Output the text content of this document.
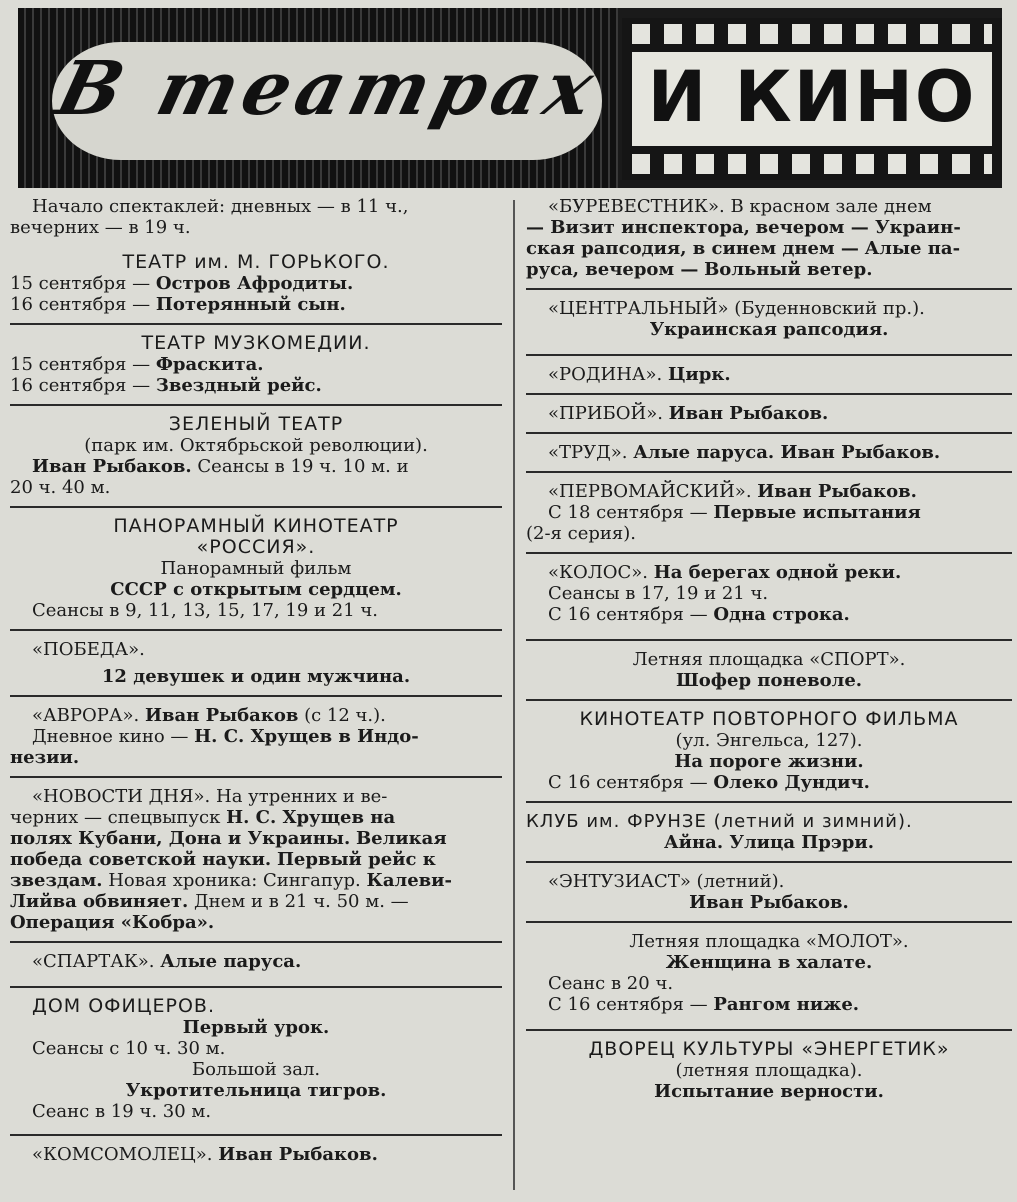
В театрах И КИНО

Начало спектаклей: дневных — в 11 ч.,

вечерних — в 19 ч.

ТЕАТР им. М. ГОРЬКОГО.

15 сентября — Остров Афродиты.

16 сентября — Потерянный сын.

ТЕАТР МУЗКОМЕДИИ.

15 сентября — Фраскита.

16 сентября — Звездный рейс.

ЗЕЛЕНЫЙ ТЕАТР

(парк им. Октябрьской революции).

Иван Рыбаков. Сеансы в 19 ч. 10 м. и

20 ч. 40 м.

ПАНОРАМНЫЙ КИНОТЕАТР

«РОССИЯ».

Панорамный фильм

СССР с открытым сердцем.

Сеансы в 9, 11, 13, 15, 17, 19 и 21 ч.

«ПОБЕДА».

12 девушек и один мужчина.

«АВРОРА». Иван Рыбаков (с 12 ч.).

Дневное кино — Н. С. Хрущев в Индо-

незии.

«НОВОСТИ ДНЯ». На утренних и ве-

черних — спецвыпуск Н. С. Хрущев на

полях Кубани, Дона и Украины. Великая

победа советской науки. Первый рейс к

звездам. Новая хроника: Сингапур. Калеви-

Лийва обвиняет. Днем и в 21 ч. 50 м. —

Операция «Кобра».

«СПАРТАК». Алые паруса.

ДОМ ОФИЦЕРОВ.

Первый урок.

Сеансы с 10 ч. 30 м.

Большой зал.

Укротительница тигров.

Сеанс в 19 ч. 30 м.

«КОМСОМОЛЕЦ». Иван Рыбаков.

«БУРЕВЕСТНИК». В красном зале днем

— Визит инспектора, вечером — Украин-

ская рапсодия, в синем днем — Алые па-

руса, вечером — Вольный ветер.

«ЦЕНТРАЛЬНЫЙ» (Буденновский пр.).

Украинская рапсодия.

«РОДИНА». Цирк.

«ПРИБОЙ». Иван Рыбаков.

«ТРУД». Алые паруса. Иван Рыбаков.

«ПЕРВОМАЙСКИЙ». Иван Рыбаков.

С 18 сентября — Первые испытания

(2-я серия).

«КОЛОС». На берегах одной реки.

Сеансы в 17, 19 и 21 ч.

С 16 сентября — Одна строка.

Летняя площадка «СПОРТ».

Шофер поневоле.

КИНОТЕАТР ПОВТОРНОГО ФИЛЬМА

(ул. Энгельса, 127).

На пороге жизни.

С 16 сентября — Олеко Дундич.

КЛУБ им. ФРУНЗЕ (летний и зимний).

Айна. Улица Прэри.

«ЭНТУЗИАСТ» (летний).

Иван Рыбаков.

Летняя площадка «МОЛОТ».

Женщина в халате.

Сеанс в 20 ч.

С 16 сентября — Рангом ниже.

ДВОРЕЦ КУЛЬТУРЫ «ЭНЕРГЕТИК»

(летняя площадка).

Испытание верности.
